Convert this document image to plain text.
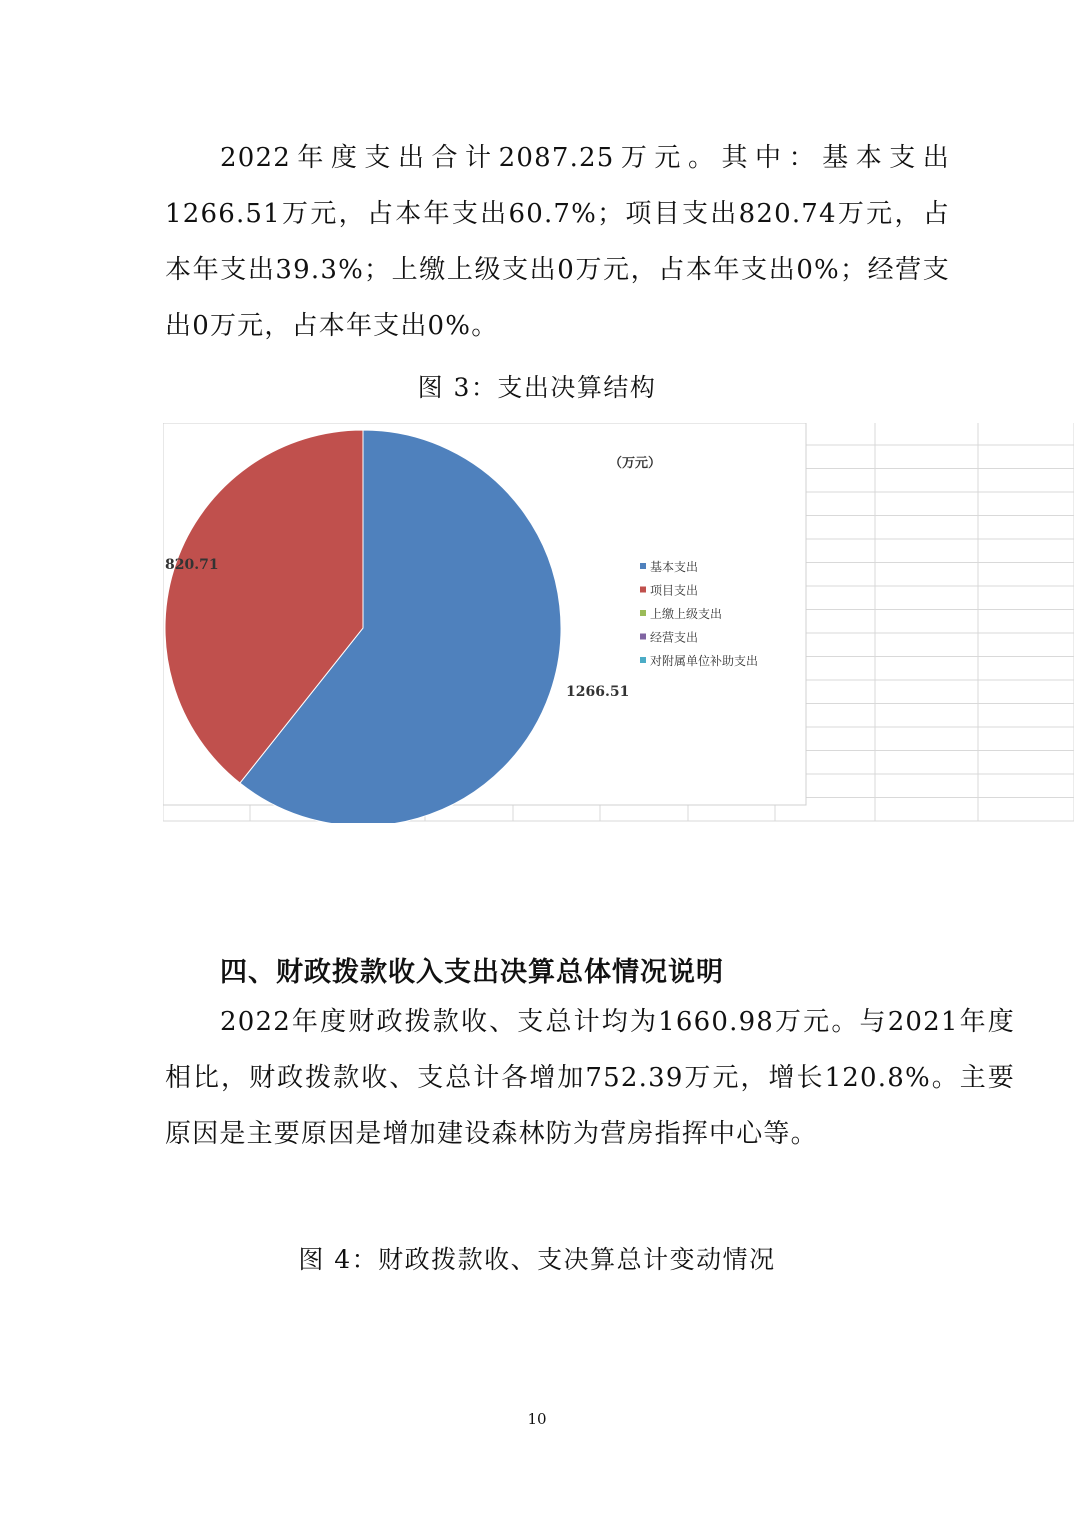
2022年度支出合计2087.25万元。其中：基本支出1266.51万元，占本年支出60.7%；项目支出820.74万元，占本年支出39.3%；上缴上级支出0万元，占本年支出0%；经营支出0万元，占本年支出0%。

图 3：支出决算结构

（万元）
基本支出
项目支出
上缴上级支出
经营支出
对附属单位补助支出
1266.51
820.71

四、财政拨款收入支出决算总体情况说明

2022年度财政拨款收、支总计均为1660.98万元。与2021年度相比，财政拨款收、支总计各增加752.39万元，增长120.8%。主要原因是主要原因是增加建设森林防为营房指挥中心等。

图 4：财政拨款收、支决算总计变动情况

10
